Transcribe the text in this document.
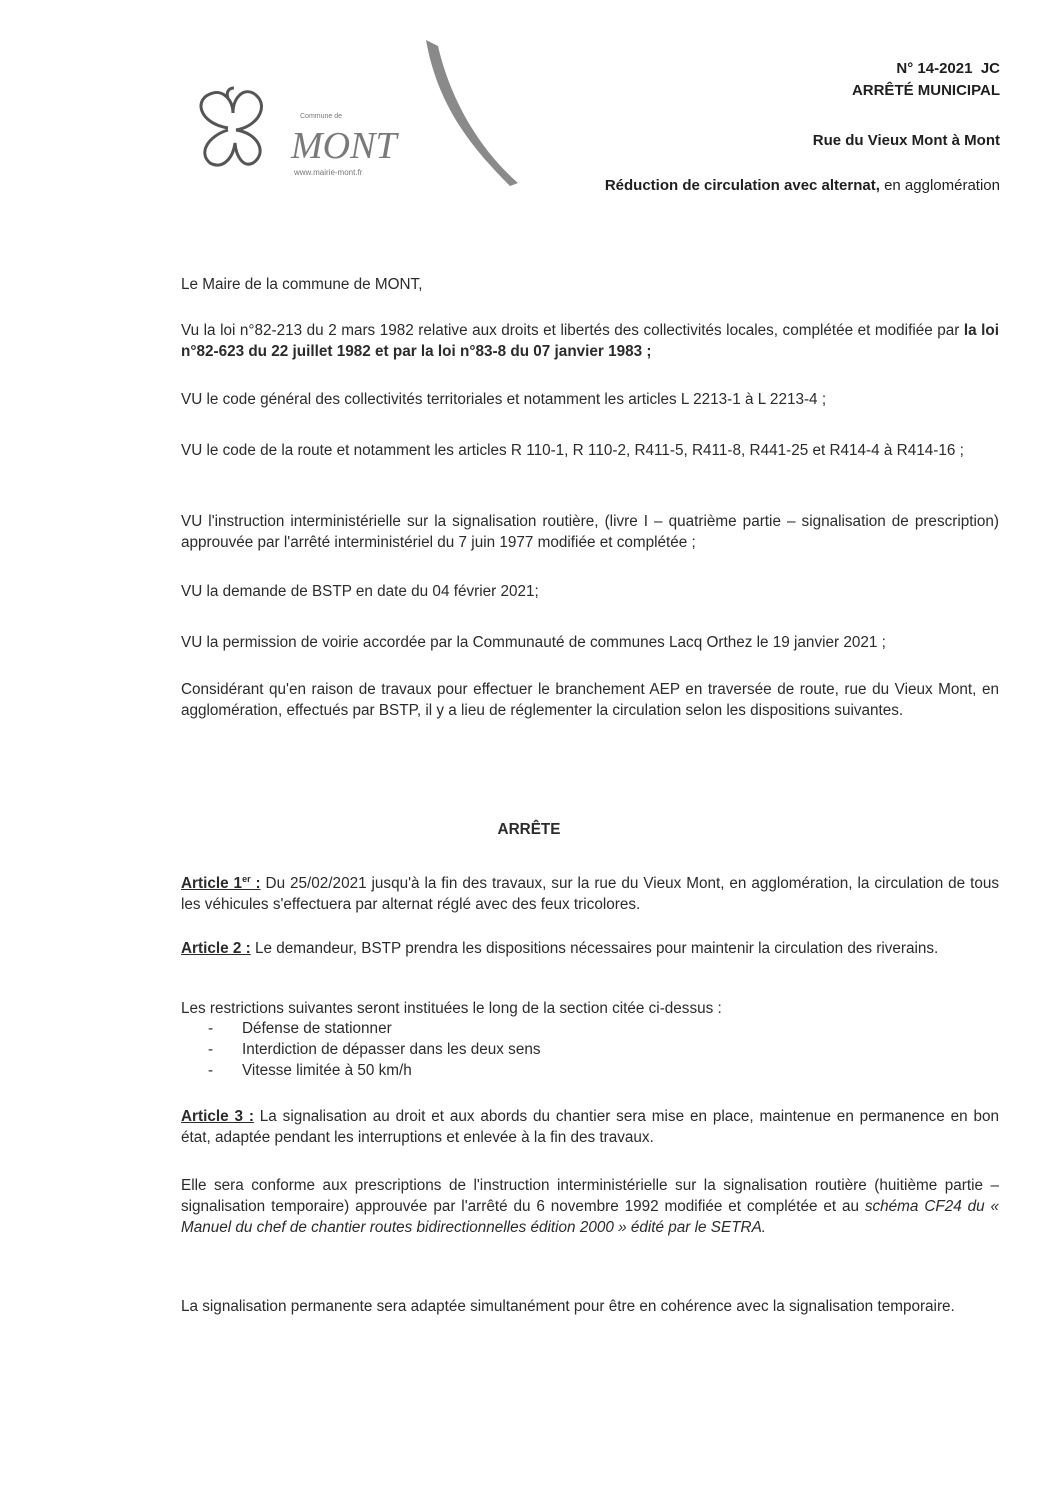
Commune de
MONT
www.mairie-mont.fr
N° 14-2021 JC
ARRÊTÉ MUNICIPAL
Rue du Vieux Mont à Mont
Réduction de circulation avec alternat, en agglomération
Le Maire de la commune de MONT,
Vu la loi n°82-213 du 2 mars 1982 relative aux droits et libertés des collectivités locales, complétée et modifiée par la loi n°82-623 du 22 juillet 1982 et par la loi n°83-8 du 07 janvier 1983 ;
VU le code général des collectivités territoriales et notamment les articles L 2213-1 à L 2213-4 ;
VU le code de la route et notamment les articles R 110-1, R 110-2, R411-5, R411-8, R441-25 et R414-4 à R414-16 ;
VU l'instruction interministérielle sur la signalisation routière, (livre I – quatrième partie – signalisation de prescription) approuvée par l'arrêté interministériel du 7 juin 1977 modifiée et complétée ;
VU la demande de BSTP en date du 04 février 2021;
VU la permission de voirie accordée par la Communauté de communes Lacq Orthez le 19 janvier 2021 ;
Considérant qu'en raison de travaux pour effectuer le branchement AEP en traversée de route, rue du Vieux Mont, en agglomération, effectués par BSTP, il y a lieu de réglementer la circulation selon les dispositions suivantes.
ARRÊTE
Article 1er : Du 25/02/2021 jusqu'à la fin des travaux, sur la rue du Vieux Mont, en agglomération, la circulation de tous les véhicules s'effectuera par alternat réglé avec des feux tricolores.
Article 2 : Le demandeur, BSTP prendra les dispositions nécessaires pour maintenir la circulation des riverains.
Les restrictions suivantes seront instituées le long de la section citée ci-dessus :
-	Défense de stationner
-	Interdiction de dépasser dans les deux sens
-	Vitesse limitée à 50 km/h
Article 3 : La signalisation au droit et aux abords du chantier sera mise en place, maintenue en permanence en bon état, adaptée pendant les interruptions et enlevée à la fin des travaux.
Elle sera conforme aux prescriptions de l'instruction interministérielle sur la signalisation routière (huitième partie – signalisation temporaire) approuvée par l'arrêté du 6 novembre 1992 modifiée et complétée et au schéma CF24 du « Manuel du chef de chantier routes bidirectionnelles édition 2000 » édité par le SETRA.
La signalisation permanente sera adaptée simultanément pour être en cohérence avec la signalisation temporaire.
